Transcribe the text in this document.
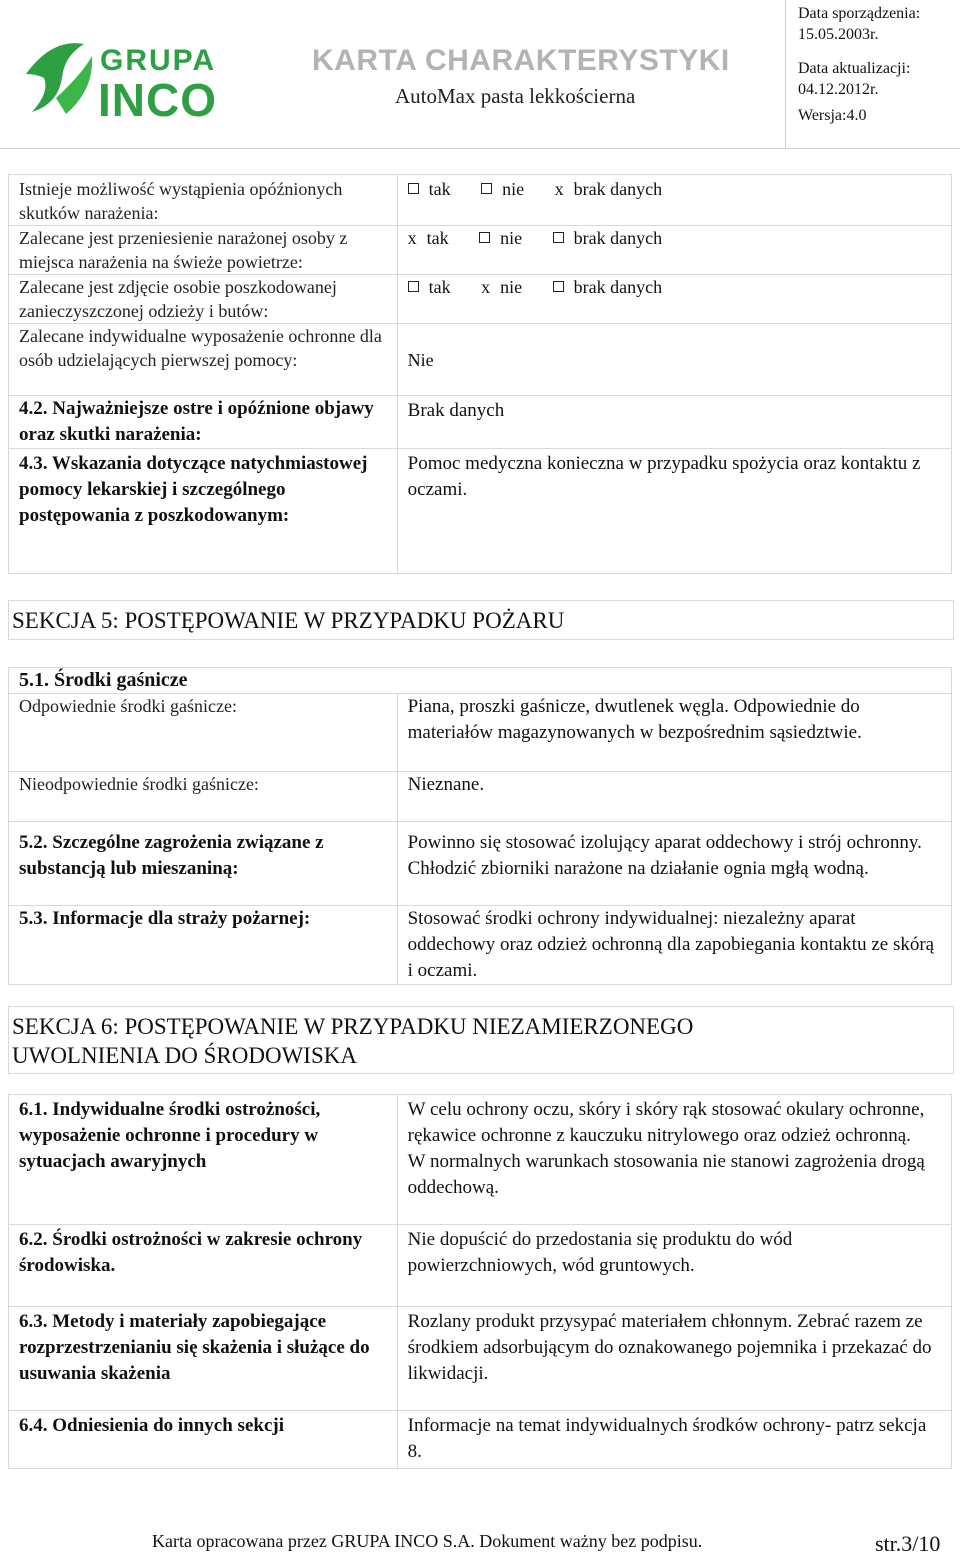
GRUPA
INCO
KARTA CHARAKTERYSTYKI
AutoMax pasta lekkościerna
Data sporządzenia:
15.05.2003r.
Data aktualizacji:
04.12.2012r.
Wersja:4.0
Istnieje możliwość wystąpienia opóźnionych skutków narażenia:	tak nie x brak danych
Zalecane jest przeniesienie narażonej osoby z miejsca narażenia na świeże powietrze:	x tak nie brak danych
Zalecane jest zdjęcie osobie poszkodowanej zanieczyszczonej odzieży i butów:	tak x nie brak danych
Zalecane indywidualne wyposażenie ochronne dla osób udzielających pierwszej pomocy:	Nie
4.2. Najważniejsze ostre i opóźnione objawy oraz skutki narażenia:	Brak danych
4.3. Wskazania dotyczące natychmiastowej pomocy lekarskiej i szczególnego postępowania z poszkodowanym:	Pomoc medyczna konieczna w przypadku spożycia oraz kontaktu z oczami.
SEKCJA 5: POSTĘPOWANIE W PRZYPADKU POŻARU
5.1. Środki gaśnicze	
Odpowiednie środki gaśnicze:	Piana, proszki gaśnicze, dwutlenek węgla. Odpowiednie do materiałów magazynowanych w bezpośrednim sąsiedztwie.
Nieodpowiednie środki gaśnicze:	Nieznane.
5.2. Szczególne zagrożenia związane z substancją lub mieszaniną:	Powinno się stosować izolujący aparat oddechowy i strój ochronny. Chłodzić zbiorniki narażone na działanie ognia mgłą wodną.
5.3. Informacje dla straży pożarnej:	Stosować środki ochrony indywidualnej: niezależny aparat oddechowy oraz odzież ochronną dla zapobiegania kontaktu ze skórą i oczami.
SEKCJA 6: POSTĘPOWANIE W PRZYPADKU NIEZAMIERZONEGO
UWOLNIENIA DO ŚRODOWISKA
6.1. Indywidualne środki ostrożności, wyposażenie ochronne i procedury w sytuacjach awaryjnych	W celu ochrony oczu, skóry i skóry rąk stosować okulary ochronne, rękawice ochronne z kauczuku nitrylowego oraz odzież ochronną.
W normalnych warunkach stosowania nie stanowi zagrożenia drogą oddechową.

6.2. Środki ostrożności w zakresie ochrony środowiska.	Nie dopuścić do przedostania się produktu do wód powierzchniowych, wód gruntowych.
6.3. Metody i materiały zapobiegające rozprzestrzenianiu się skażenia i służące do usuwania skażenia	Rozlany produkt przysypać materiałem chłonnym. Zebrać razem ze środkiem adsorbującym do oznakowanego pojemnika i przekazać do likwidacji.
6.4. Odniesienia do innych sekcji	Informacje na temat indywidualnych środków ochrony- patrz sekcja 8.
Karta opracowana przez GRUPA INCO S.A. Dokument ważny bez podpisu.	str.3/10
